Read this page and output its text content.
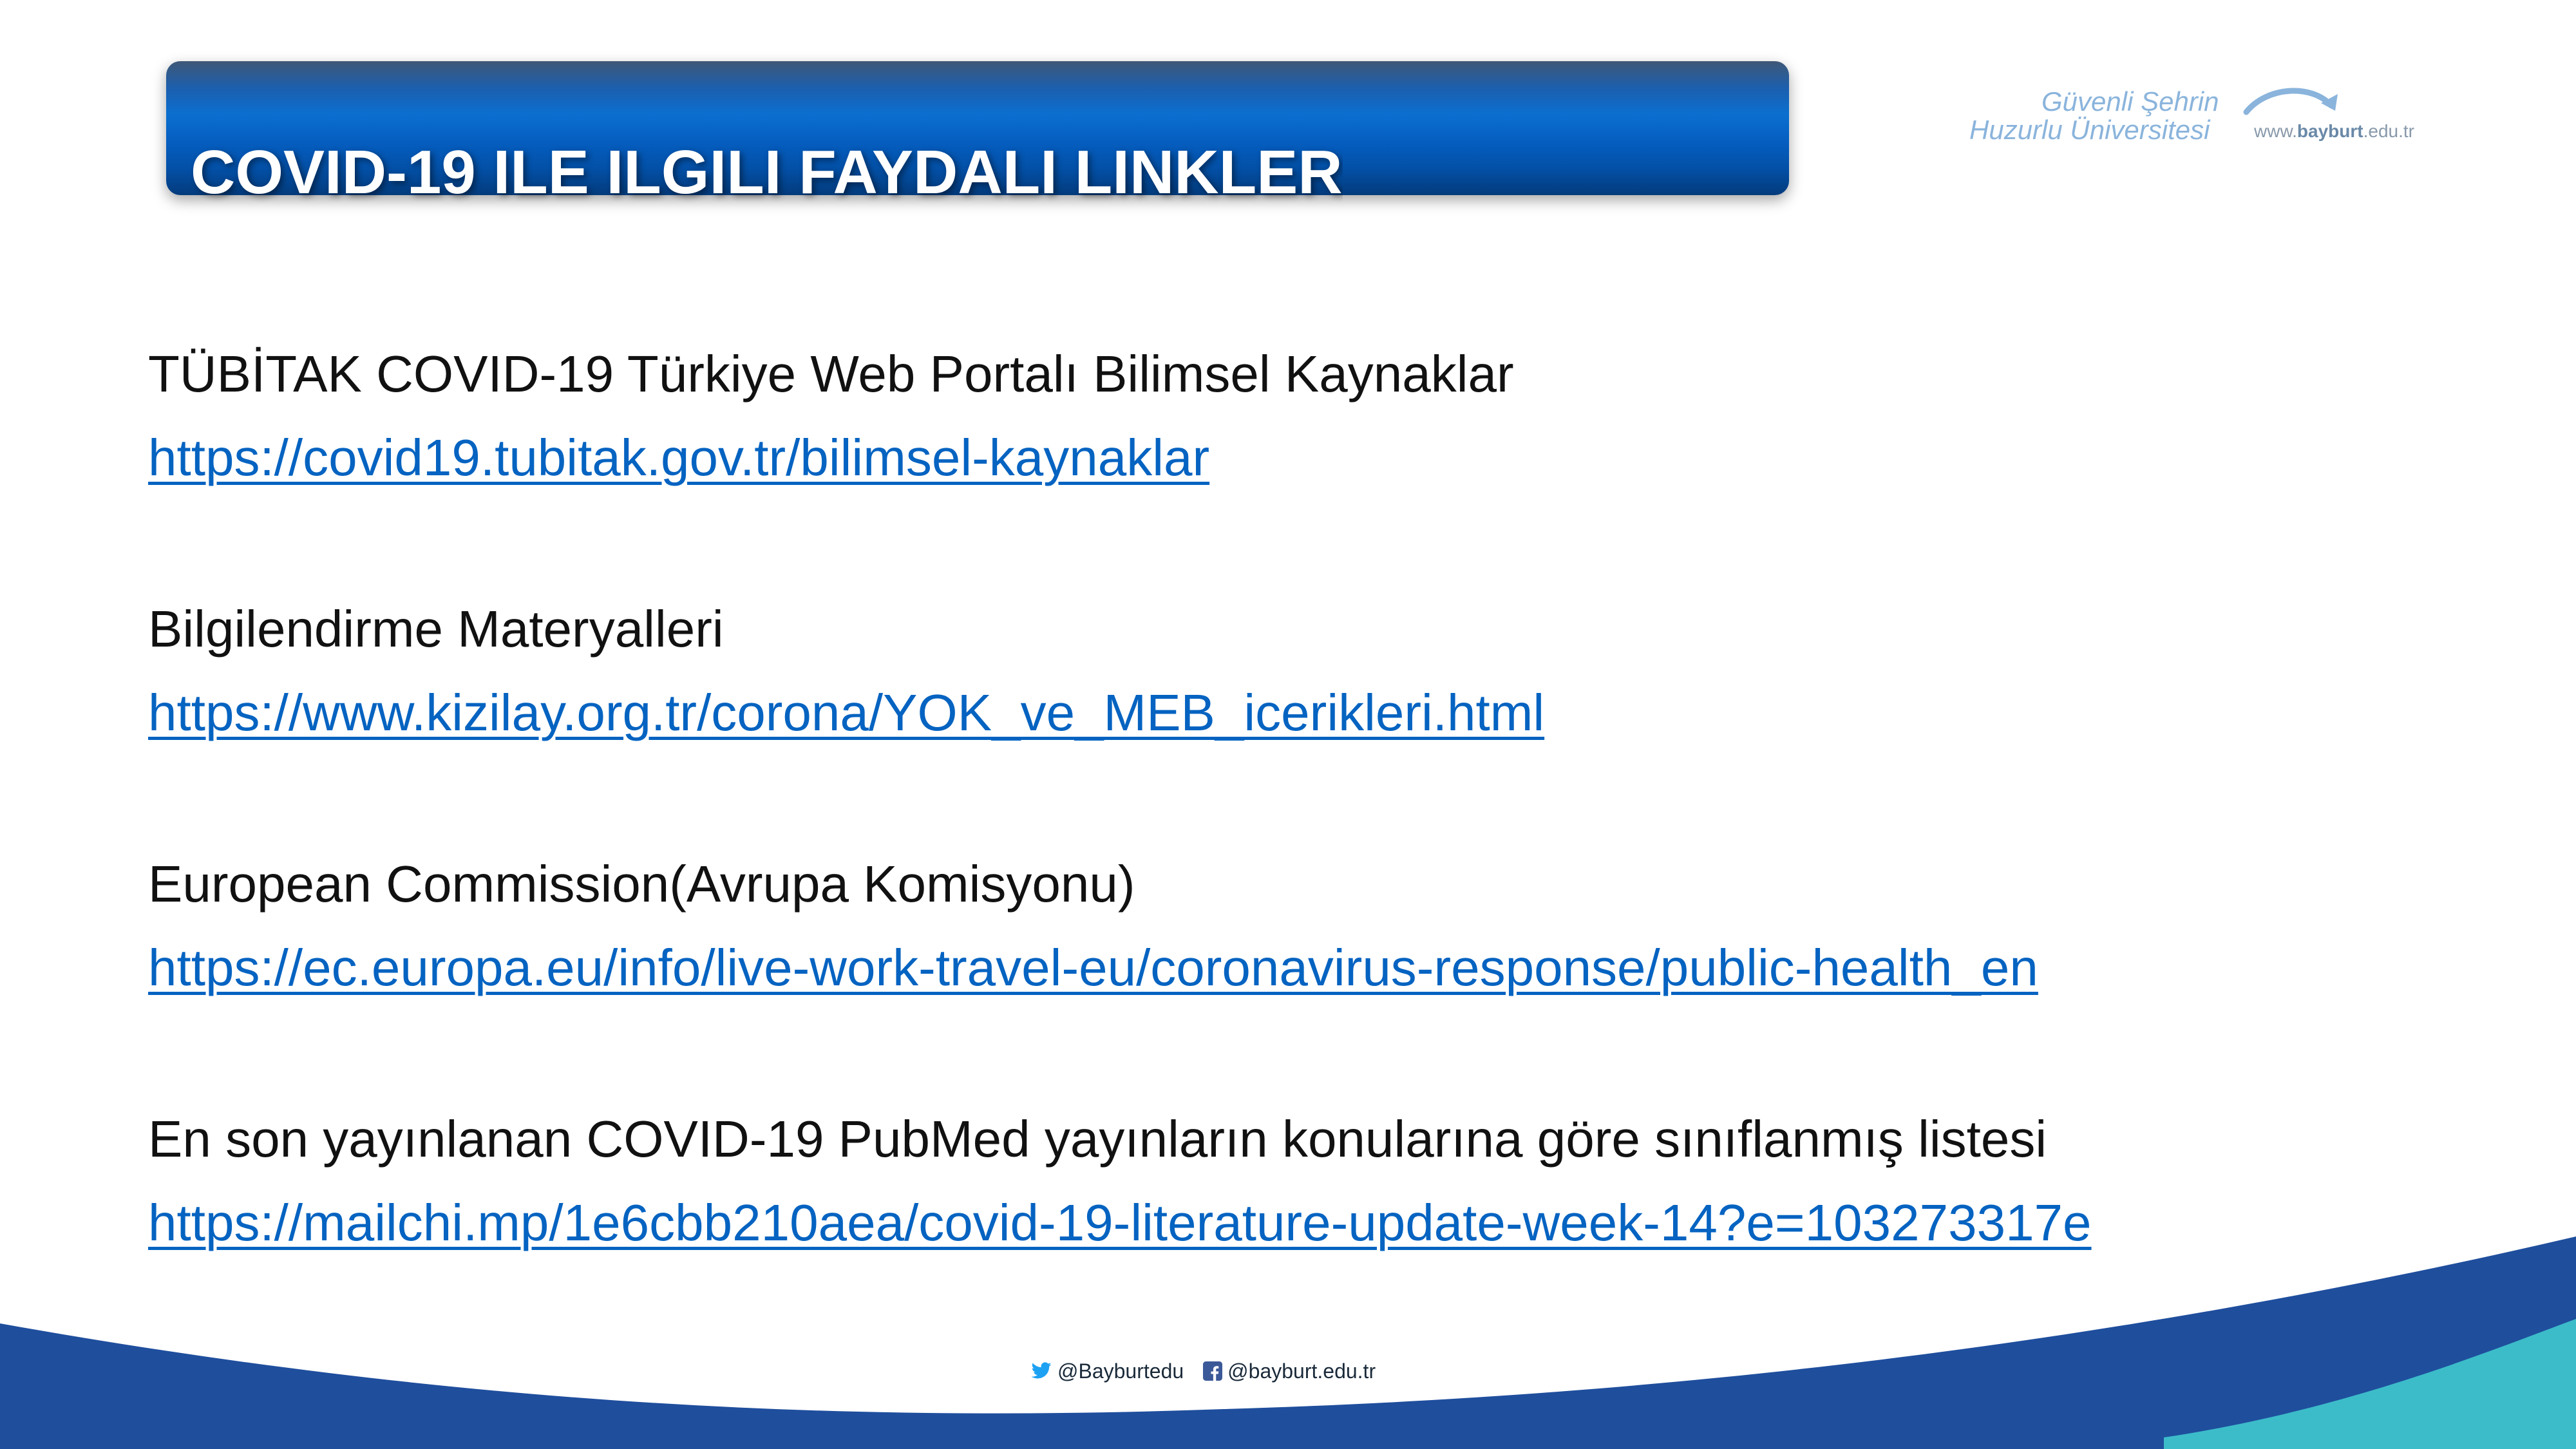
COVID-19 ILE ILGILI FAYDALI LINKLER
Güvenli Şehrin
Huzurlu Üniversitesi www.bayburt.edu.tr
TÜBİTAK COVID-19 Türkiye Web Portalı Bilimsel Kaynaklar
https://covid19.tubitak.gov.tr/bilimsel-kaynaklar
Bilgilendirme Materyalleri
https://www.kizilay.org.tr/corona/YOK_ve_MEB_icerikleri.html
European Commission(Avrupa Komisyonu)
https://ec.europa.eu/info/live-work-travel-eu/coronavirus-response/public-health_en
En son yayınlanan COVID-19 PubMed yayınların konularına göre sınıflanmış listesi
https://mailchi.mp/1e6cbb210aea/covid-19-literature-update-week-14?e=103273317e
@Bayburtedu @bayburt.edu.tr
